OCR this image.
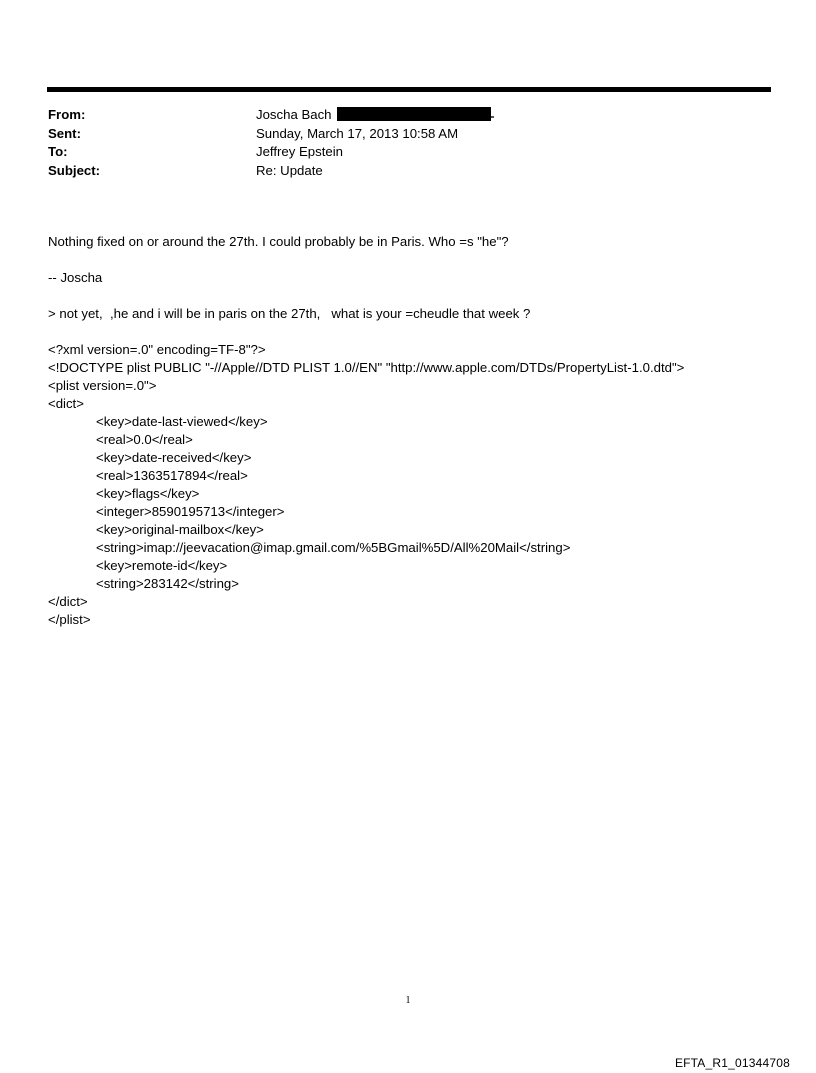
From:	Joscha Bach
Sent:	Sunday, March 17, 2013 10:58 AM
To:	Jeffrey Epstein
Subject:	Re: Update

Nothing fixed on or around the 27th. I could probably be in Paris. Who =s "he"?

-- Joscha

> not yet,  ,he and i will be in paris on the 27th,   what is your =cheudle that week ?

<?xml version=.0" encoding=TF-8"?>

<!DOCTYPE plist PUBLIC "-//Apple//DTD PLIST 1.0//EN" "http://www.apple.com/DTDs/PropertyList-1.0.dtd">

<plist version=.0">

<dict>

<key>date-last-viewed</key>

<real>0.0</real>

<key>date-received</key>

<real>1363517894</real>

<key>flags</key>

<integer>8590195713</integer>

<key>original-mailbox</key>

<string>imap://jeevacation@imap.gmail.com/%5BGmail%5D/All%20Mail</string>

<key>remote-id</key>

<string>283142</string>

</dict>

</plist>

1
EFTA_R1_01344708
